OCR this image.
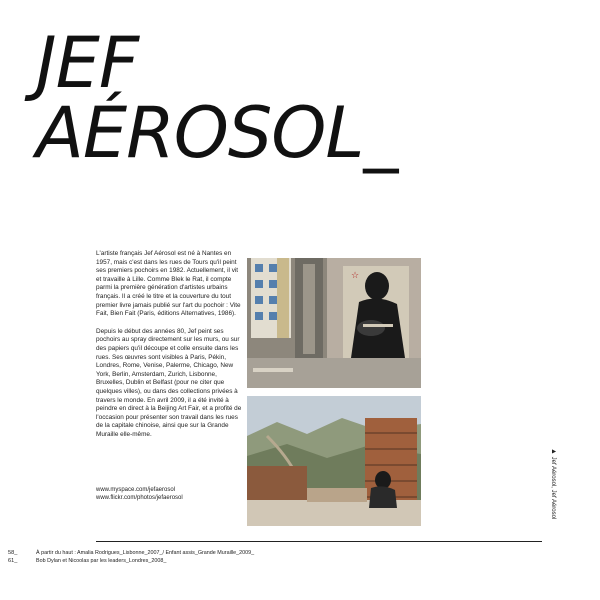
JEF
AÉROSOL_

L'artiste français Jef Aérosol est né à Nantes en 1957, mais c'est dans les rues de Tours qu'il peint ses premiers pochoirs en 1982. Actuellement, il vit et travaille à Lille. Comme Blek le Rat, il compte parmi la première génération d'artistes urbains français. Il a créé le titre et la couverture du tout premier livre jamais publié sur l'art du pochoir : Vite Fait, Bien Fait (Paris, éditions Alternatives, 1986).

Depuis le début des années 80, Jef peint ses pochoirs au spray directement sur les murs, ou sur des papiers qu'il découpe et colle ensuite dans les rues. Ses œuvres sont visibles à Paris, Pékin, Londres, Rome, Venise, Palerme, Chicago, New York, Berlin, Amsterdam, Zurich, Lisbonne, Bruxelles, Dublin et Belfast (pour ne citer que quelques villes), ou dans des collections privées à travers le monde. En avril 2009, il a été invité à peindre en direct à la Beijing Art Fair, et a profité de l'occasion pour présenter son travail dans les rues de la capitale chinoise, ainsi que sur la Grande Muraille elle-même.

www.myspace.com/jefaerosol
www.flickr.com/photos/jefaerosol
☆
▲ Jef Aérosol, Jef Aérosol
58_
61_
À partir du haut : Amalia Rodrigues_Lisbonne_2007_/ Enfant assis_Grande Muraille_2009_
Bob Dylan et Nicoolas par les leaders_Londres_2008_
